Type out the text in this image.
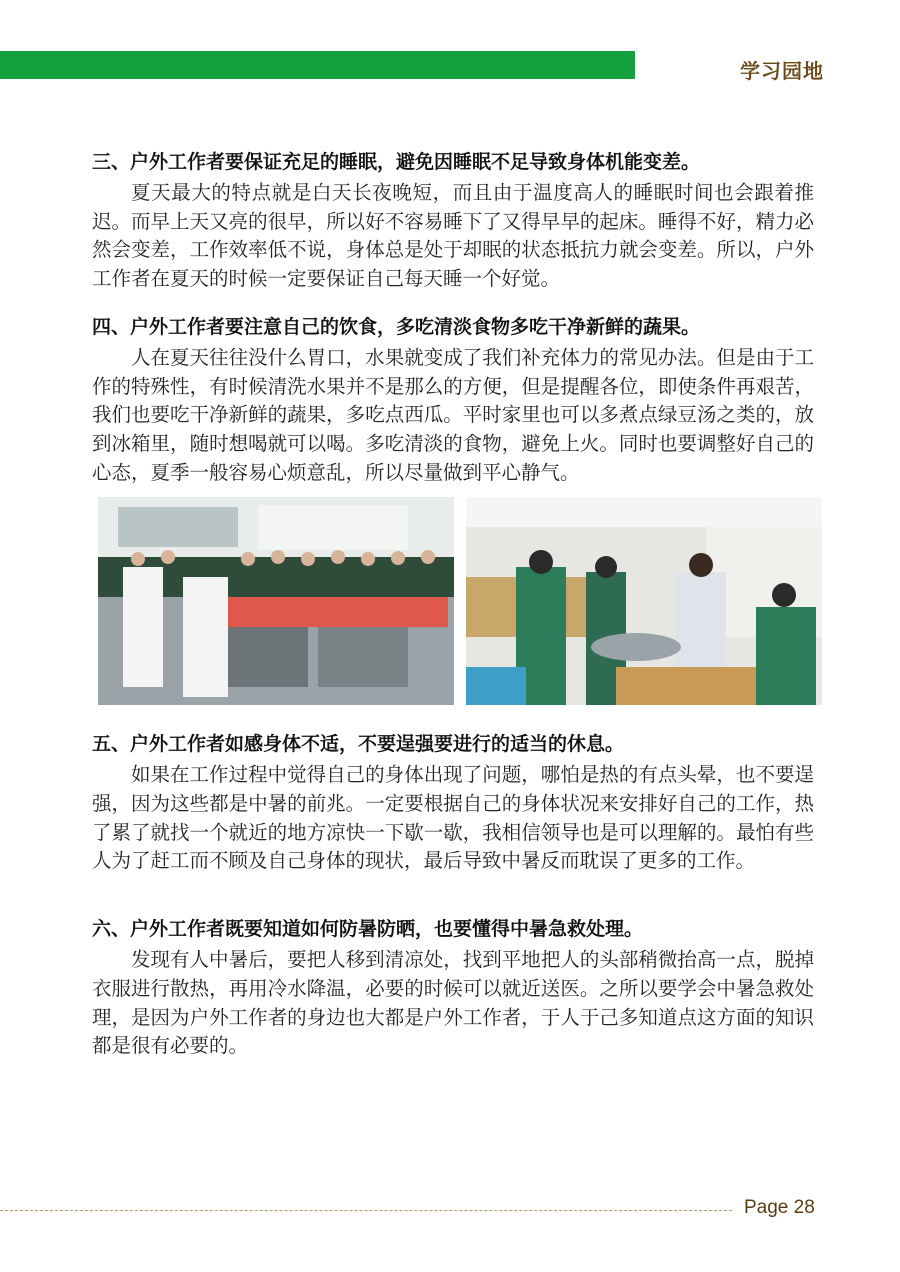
学习园地

三、户外工作者要保证充足的睡眠，避免因睡眠不足导致身体机能变差。

夏天最大的特点就是白天长夜晚短，而且由于温度高人的睡眠时间也会跟着推迟。而早上天又亮的很早，所以好不容易睡下了又得早早的起床。睡得不好，精力必然会变差，工作效率低不说，身体总是处于却眠的状态抵抗力就会变差。所以，户外工作者在夏天的时候一定要保证自己每天睡一个好觉。

四、户外工作者要注意自己的饮食，多吃清淡食物多吃干净新鲜的蔬果。

人在夏天往往没什么胃口，水果就变成了我们补充体力的常见办法。但是由于工作的特殊性，有时候清洗水果并不是那么的方便，但是提醒各位，即使条件再艰苦，我们也要吃干净新鲜的蔬果，多吃点西瓜。平时家里也可以多煮点绿豆汤之类的，放到冰箱里，随时想喝就可以喝。多吃清淡的食物，避免上火。同时也要调整好自己的心态，夏季一般容易心烦意乱，所以尽量做到平心静气。

五、户外工作者如感身体不适，不要逞强要进行的适当的休息。

如果在工作过程中觉得自己的身体出现了问题，哪怕是热的有点头晕，也不要逞强，因为这些都是中暑的前兆。一定要根据自己的身体状况来安排好自己的工作，热了累了就找一个就近的地方凉快一下歇一歇，我相信领导也是可以理解的。最怕有些人为了赶工而不顾及自己身体的现状，最后导致中暑反而耽误了更多的工作。

六、户外工作者既要知道如何防暑防晒，也要懂得中暑急救处理。

发现有人中暑后，要把人移到清凉处，找到平地把人的头部稍微抬高一点，脱掉衣服进行散热，再用冷水降温，必要的时候可以就近送医。之所以要学会中暑急救处理，是因为户外工作者的身边也大都是户外工作者，于人于己多知道点这方面的知识都是很有必要的。

Page 28
